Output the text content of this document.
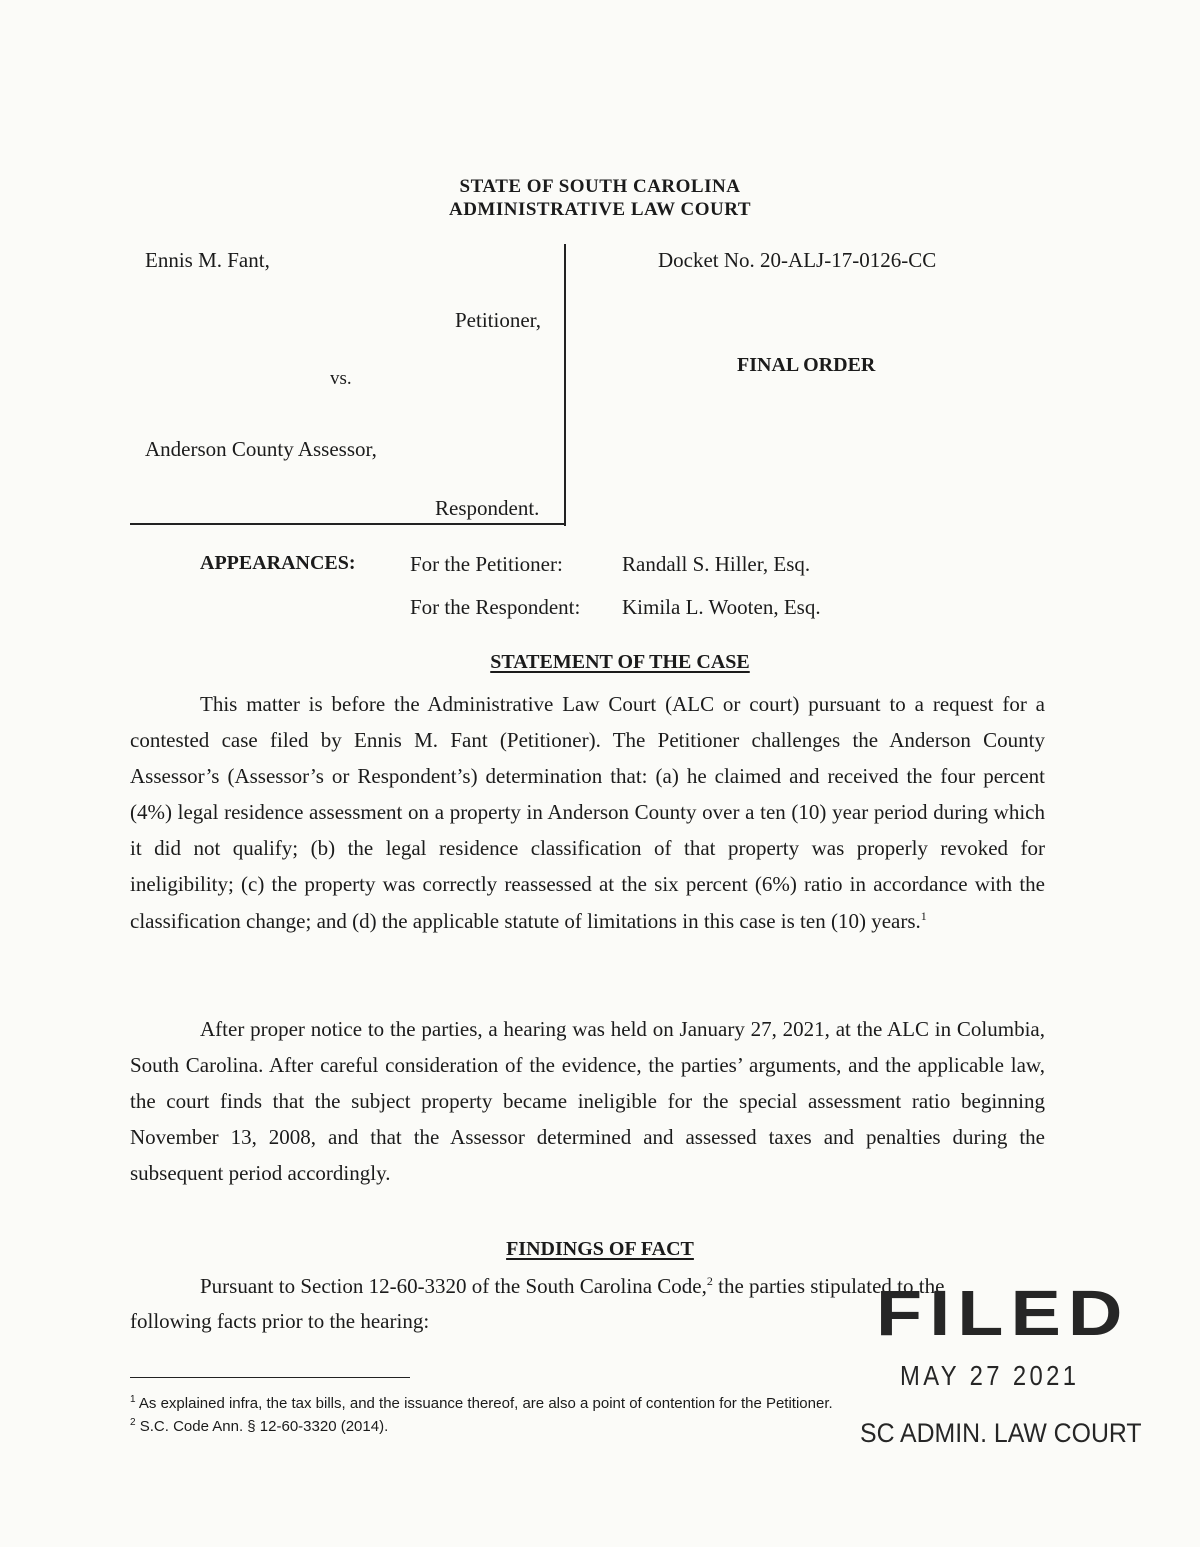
STATE OF SOUTH CAROLINA
ADMINISTRATIVE LAW COURT
Ennis M. Fant,
Petitioner,
vs.
Anderson County Assessor,
Respondent.
Docket No. 20-ALJ-17-0126-CC
FINAL ORDER
APPEARANCES:	For the Petitioner:	Randall S. Hiller, Esq.
For the Respondent: Kimila L. Wooten, Esq.
STATEMENT OF THE CASE
This matter is before the Administrative Law Court (ALC or court) pursuant to a request for a contested case filed by Ennis M. Fant (Petitioner). The Petitioner challenges the Anderson County Assessor’s (Assessor’s or Respondent’s) determination that: (a) he claimed and received the four percent (4%) legal residence assessment on a property in Anderson County over a ten (10) year period during which it did not qualify; (b) the legal residence classification of that property was properly revoked for ineligibility; (c) the property was correctly reassessed at the six percent (6%) ratio in accordance with the classification change; and (d) the applicable statute of limitations in this case is ten (10) years.$^1$
After proper notice to the parties, a hearing was held on January 27, 2021, at the ALC in Columbia, South Carolina. After careful consideration of the evidence, the parties’ arguments, and the applicable law, the court finds that the subject property became ineligible for the special assessment ratio beginning November 13, 2008, and that the Assessor determined and assessed taxes and penalties during the subsequent period accordingly.
FINDINGS OF FACT
Pursuant to Section 12-60-3320 of the South Carolina Code,$^2$ the parties stipulated to the
following facts prior to the hearing:
$^1$ As explained infra, the tax bills, and the issuance thereof, are also a point of contention for the Petitioner.
$^2$ S.C. Code Ann. § 12-60-3320 (2014).
FILED
MAY 27 2021
SC ADMIN. LAW COURT
